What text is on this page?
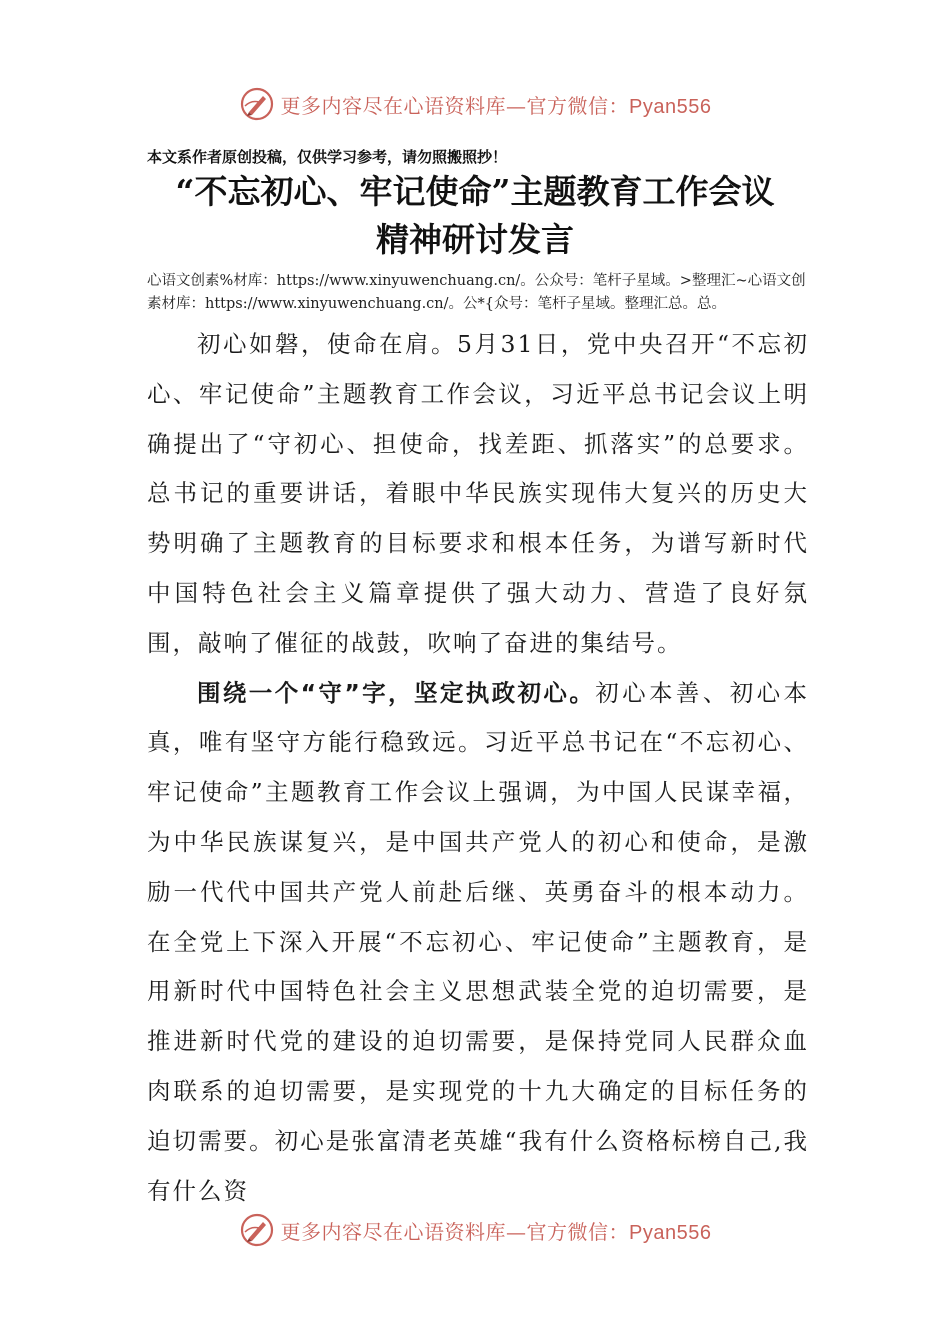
更多内容尽在心语资料库—官方微信：Pyan556
本文系作者原创投稿，仅供学习参考，请勿照搬照抄！
“不忘初心、牢记使命”主题教育工作会议
精神研讨发言
心语文创素%材库：https://www.xinyuwenchuang.cn/。公众号：笔杆子星域。>整理汇~心语文创素材库：https://www.xinyuwenchuang.cn/。公*{众号：笔杆子星域。整理汇总。总。

初心如磐，使命在肩。5月31日，党中央召开“不忘初心、牢记使命”主题教育工作会议，习近平总书记会议上明确提出了“守初心、担使命，找差距、抓落实”的总要求。总书记的重要讲话，着眼中华民族实现伟大复兴的历史大势明确了主题教育的目标要求和根本任务，为谱写新时代中国特色社会主义篇章提供了强大动力、营造了良好氛围，敲响了催征的战鼓，吹响了奋进的集结号。

围绕一个“守”字，坚定执政初心。初心本善、初心本真，唯有坚守方能行稳致远。习近平总书记在“不忘初心、牢记使命”主题教育工作会议上强调，为中国人民谋幸福，为中华民族谋复兴，是中国共产党人的初心和使命，是激励一代代中国共产党人前赴后继、英勇奋斗的根本动力。在全党上下深入开展“不忘初心、牢记使命”主题教育，是用新时代中国特色社会主义思想武装全党的迫切需要，是推进新时代党的建设的迫切需要，是保持党同人民群众血肉联系的迫切需要，是实现党的十九大确定的目标任务的迫切需要。初心是张富清老英雄“我有什么资格标榜自己,我有什么资

更多内容尽在心语资料库—官方微信：Pyan556
